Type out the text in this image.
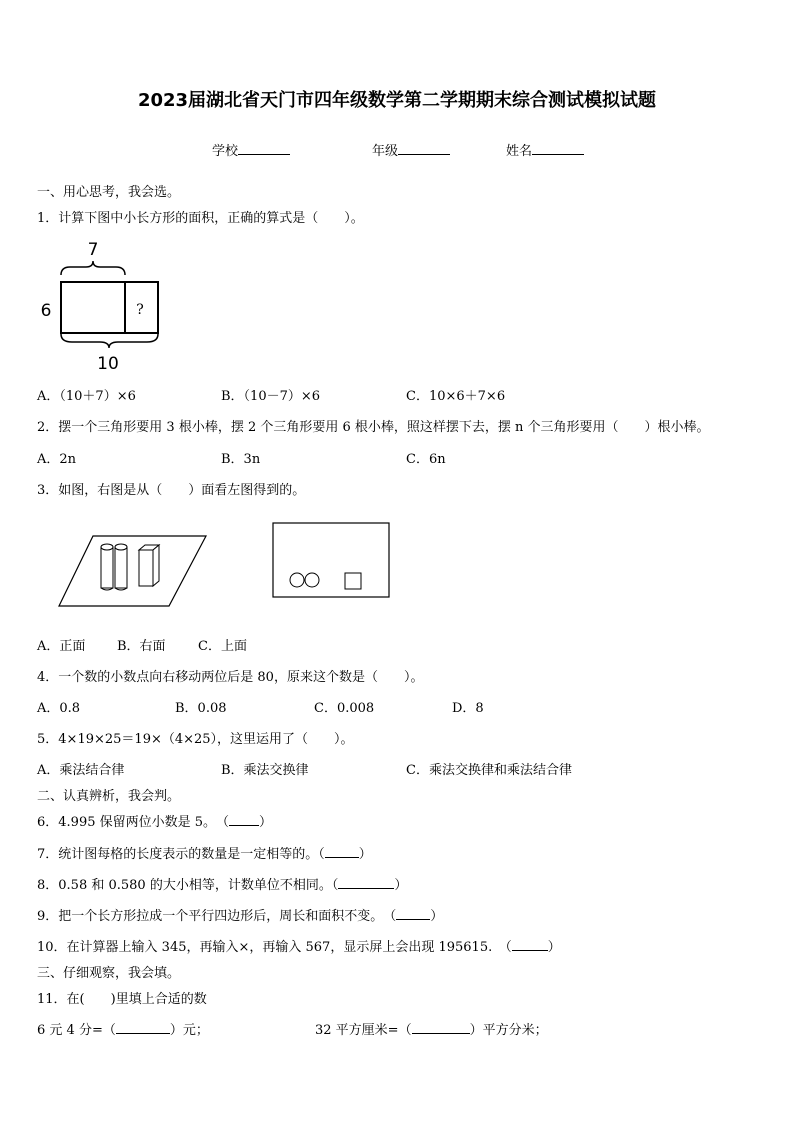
2023届湖北省天门市四年级数学第二学期期末综合测试模拟试题
学校	年级	姓名
一、用心思考，我会选。
1．计算下图中小长方形的面积，正确的算式是（　　）。
7
?
6
10
A．（10＋7）×6	B．（10－7）×6	C．10×6＋7×6
2．摆一个三角形要用 3 根小棒，摆 2 个三角形要用 6 根小棒，照这样摆下去，摆 n 个三角形要用（　　）根小棒。
A．2n	B．3n	C．6n
3．如图，右图是从（　　）面看左图得到的。
A．正面 B．右面 C．上面
4．一个数的小数点向右移动两位后是 80，原来这个数是（　　）。
A．0.8	B．0.08	C．0.008	D．8
5．4×19×25＝19×（4×25），这里运用了（　　）。
A．乘法结合律	B．乘法交换律	C．乘法交换律和乘法结合律
二、认真辨析，我会判。
6．4.995 保留两位小数是 5。　（ ）
7．统计图每格的长度表示的数量是一定相等的。（	）
8．0.58 和 0.580 的大小相等，计数单位不相同。（	）
9．把一个长方形拉成一个平行四边形后，周长和面积不变。　（	）
10．在计算器上输入 345，再输入×，再输入 567，显示屏上会出现 195615.　（	）
三、仔细观察，我会填。
11．在(　　)里填上合适的数
6 元 4 分=（	）元；	32 平方厘米=（	）平方分米；
